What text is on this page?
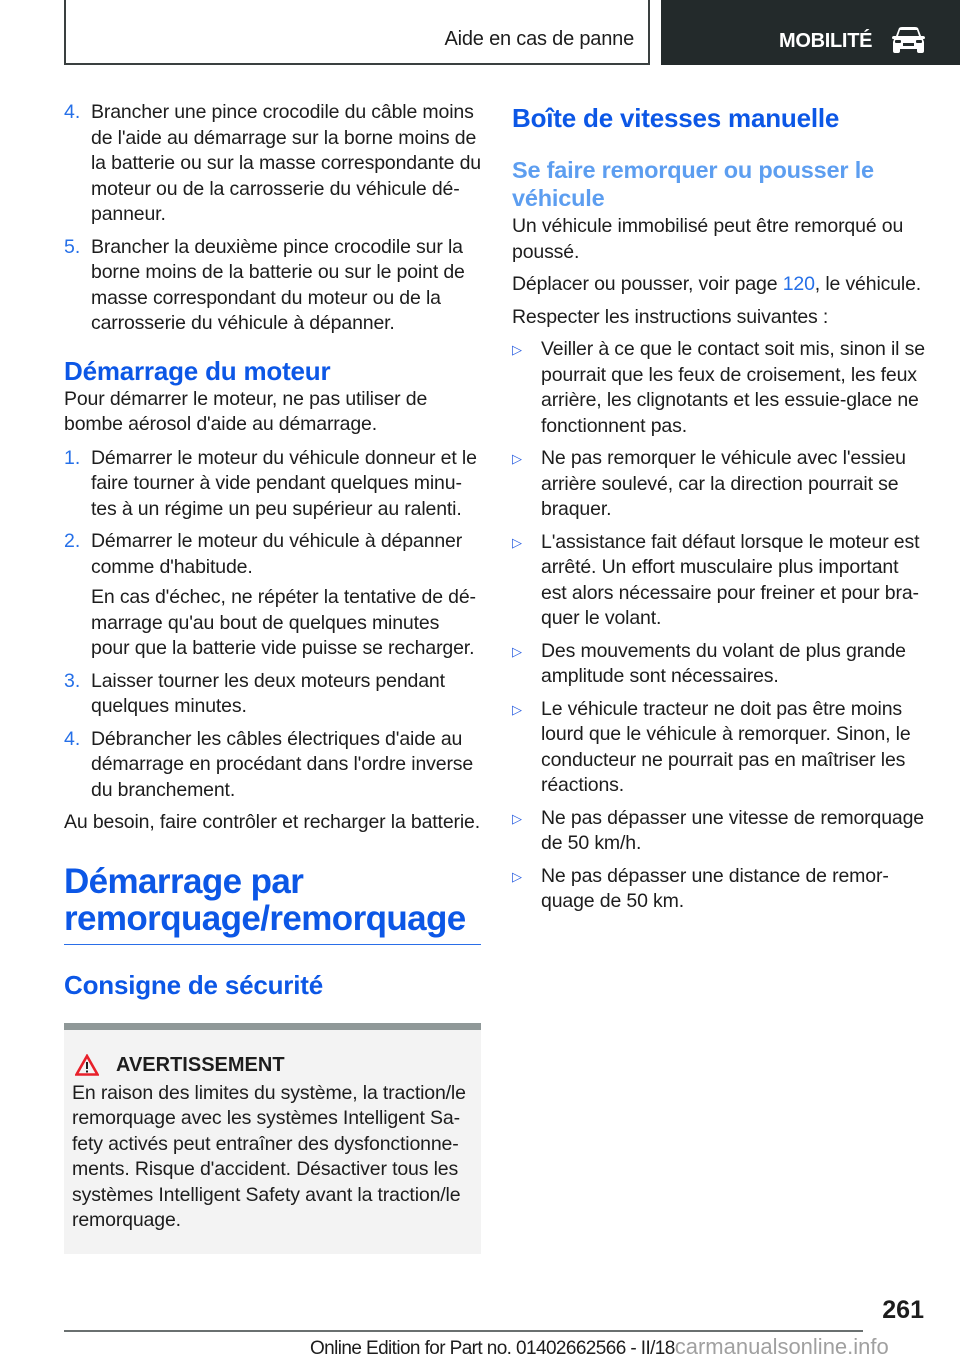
Aide en cas de panne	MOBILITÉ
4. Brancher une pince crocodile du câble moins de l'aide au démarrage sur la borne moins de la batterie ou sur la masse correspondante du moteur ou de la carrosserie du véhicule dé-panneur.
5. Brancher la deuxième pince crocodile sur la borne moins de la batterie ou sur le point de masse correspondant du moteur ou de la carrosserie du véhicule à dépanner.
Démarrage du moteur

Pour démarrer le moteur, ne pas utiliser de bombe aérosol d'aide au démarrage.

1. Démarrer le moteur du véhicule donneur et le faire tourner à vide pendant quelques minu-tes à un régime un peu supérieur au ralenti.
2. Démarrer le moteur du véhicule à dépanner comme d'habitude.

En cas d'échec, ne répéter la tentative de dé-marrage qu'au bout de quelques minutes pour que la batterie vide puisse se recharger.

3. Laisser tourner les deux moteurs pendant quelques minutes.
4. Débrancher les câbles électriques d'aide au démarrage en procédant dans l'ordre inverse du branchement.

Au besoin, faire contrôler et recharger la batterie.

Démarrage par
remorquage/remorquage
Consigne de sécurité
AVERTISSEMENT

En raison des limites du système, la traction/le remorquage avec les systèmes Intelligent Sa-fety activés peut entraîner des dysfonctionne-ments. Risque d'accident. Désactiver tous les systèmes Intelligent Safety avant la traction/le remorquage.

Boîte de vitesses manuelle
Se faire remorquer ou pousser le véhicule

Un véhicule immobilisé peut être remorqué ou poussé.

Déplacer ou pousser, voir page 120, le véhicule.

Respecter les instructions suivantes :

▷ Veiller à ce que le contact soit mis, sinon il se pourrait que les feux de croisement, les feux arrière, les clignotants et les essuie-glace ne fonctionnent pas.
▷ Ne pas remorquer le véhicule avec l'essieu arrière soulevé, car la direction pourrait se braquer.
▷ L'assistance fait défaut lorsque le moteur est arrêté. Un effort musculaire plus important est alors nécessaire pour freiner et pour bra-quer le volant.
▷ Des mouvements du volant de plus grande amplitude sont nécessaires.
▷ Le véhicule tracteur ne doit pas être moins lourd que le véhicule à remorquer. Sinon, le conducteur ne pourrait pas en maîtriser les réactions.
▷ Ne pas dépasser une vitesse de remorquage de 50 km/h.
▷ Ne pas dépasser une distance de remor-quage de 50 km.
261
Online Edition for Part no. 01402662566 - II/18carmanualsonline.info
